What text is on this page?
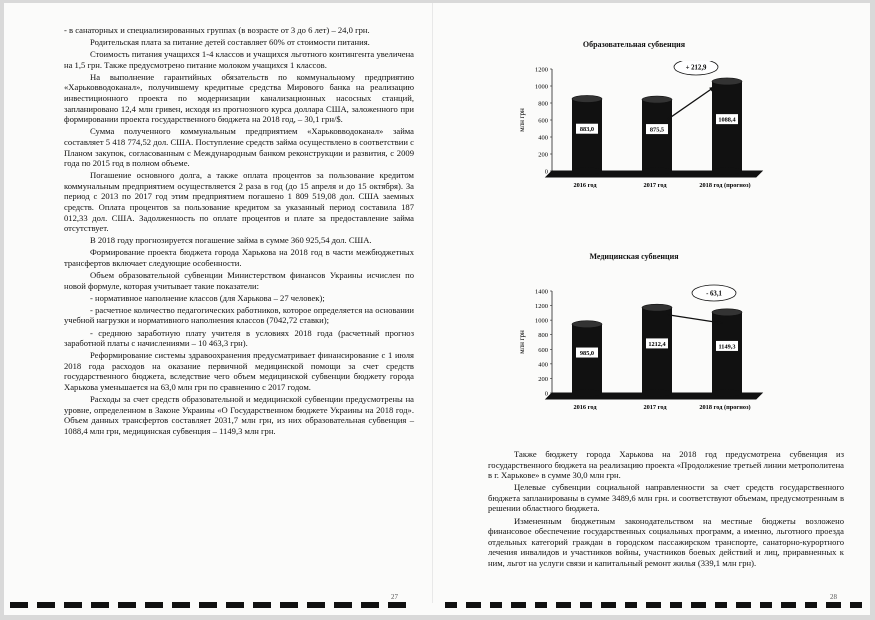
- в санаторных и специализированных группах (в возрасте от 3 до 6 лет) – 24,0 грн.

Родительская плата за питание детей составляет 60% от стоимости питания.

Стоимость питания учащихся 1-4 классов и учащихся льготного контингента увеличена на 1,5 грн. Также предусмотрено питание молоком учащихся 1 классов.

На выполнение гарантийных обязательств по коммунальному предприятию «Харьковводоканал», получившему кредитные средства Мирового банка на реализацию инвестиционного проекта по модернизации канализационных насосных станций, запланировано 12,4 млн гривен, исходя из прогнозного курса доллара США, заложенного при формировании проекта государственного бюджета на 2018 год, – 30,1 грн/$.

Сумма полученного коммунальным предприятием «Харьковводоканал» займа составляет 5 418 774,52 дол. США. Поступление средств займа осуществлено в соответствии с Планом закупок, согласованным с Международным банком реконструкции и развития, с 2009 года по 2015 год в полном объеме.

Погашение основного долга, а также оплата процентов за пользование кредитом коммунальным предприятием осуществляется 2 раза в год (до 15 апреля и до 15 октября). За период с 2013 по 2017 год этим предприятием погашено 1 809 519,08 дол. США заемных средств. Оплата процентов за пользование кредитом за указанный период составила 187 012,33 дол. США. Задолженность по оплате процентов и плате за предоставление займа отсутствует.

В 2018 году прогнозируется погашение займа в сумме 360 925,54 дол. США.

Формирование проекта бюджета города Харькова на 2018 год в части межбюджетных трансфертов включает следующие особенности.

Объем образовательной субвенции Министерством финансов Украины исчислен по новой формуле, которая учитывает такие показатели:

- нормативное наполнение классов (для Харькова – 27 человек);

- расчетное количество педагогических работников, которое определяется на основании учебной нагрузки и нормативного наполнения классов (7042,72 ставки);

- среднюю заработную плату учителя в условиях 2018 года (расчетный прогноз заработной платы с начислениями – 10 463,3 грн).

Реформирование системы здравоохранения предусматривает финансирование с 1 июля 2018 года расходов на оказание первичной медицинской помощи за счет средств государственного бюджета, вследствие чего объем медицинской субвенции бюджету города Харькова уменьшается на 63,0 млн грн по сравнению с 2017 годом.

Расходы за счет средств образовательной и медицинской субвенции предусмотрены на уровне, определенном в Законе Украины «О Государственном бюджете Украины на 2018 год». Объем данных трансфертов составляет 2031,7 млн грн, из них образовательная субвенция – 1088,4 млн грн, медицинская субвенция – 1149,3 млн грн.

Образовательная субвенция
млн грн
0
200
400
600
800
1000
1200
883,0
2016 год
875,5
2017 год
1088,4
2018 год (прогноз)
+ 212,9
Медицинская субвенция
млн грн
0
200
400
600
800
1000
1200
1400
985,0
2016 год
1212,4
2017 год
1149,3
2018 год (прогноз)
- 63,1

Также бюджету города Харькова на 2018 год предусмотрена субвенция из государственного бюджета на реализацию проекта «Продолжение третьей линии метрополитена в г. Харькове» в сумме 30,0 млн грн.

Целевые субвенции социальной направленности за счет средств государственного бюджета запланированы в сумме 3489,6 млн грн. и соответствуют объемам, предусмотренным в решении областного бюджета.

Измененным бюджетным законодательством на местные бюджеты возложено финансовое обеспечение государственных социальных программ, а именно, льготного проезда отдельных категорий граждан в городском пассажирском транспорте, санаторно-курортного лечения инвалидов и участников войны, участников боевых действий и лиц, приравненных к ним, льгот на услуги связи и капитальный ремонт жилья (339,1 млн грн).

27	28
